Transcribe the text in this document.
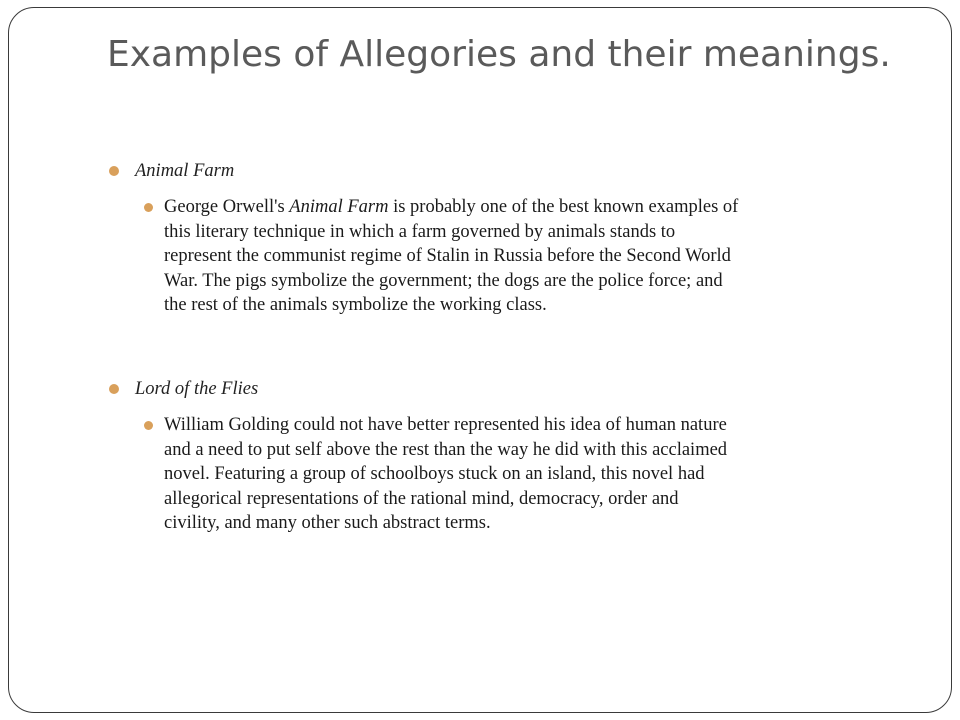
Examples of Allegories and their meanings.
Animal Farm
George Orwell's Animal Farm is probably one of the best known examples of
this literary technique in which a farm governed by animals stands to
represent the communist regime of Stalin in Russia before the Second World
War. The pigs symbolize the government; the dogs are the police force; and
the rest of the animals symbolize the working class.
Lord of the Flies
William Golding could not have better represented his idea of human nature
and a need to put self above the rest than the way he did with this acclaimed
novel. Featuring a group of schoolboys stuck on an island, this novel had
allegorical representations of the rational mind, democracy, order and
civility, and many other such abstract terms.
